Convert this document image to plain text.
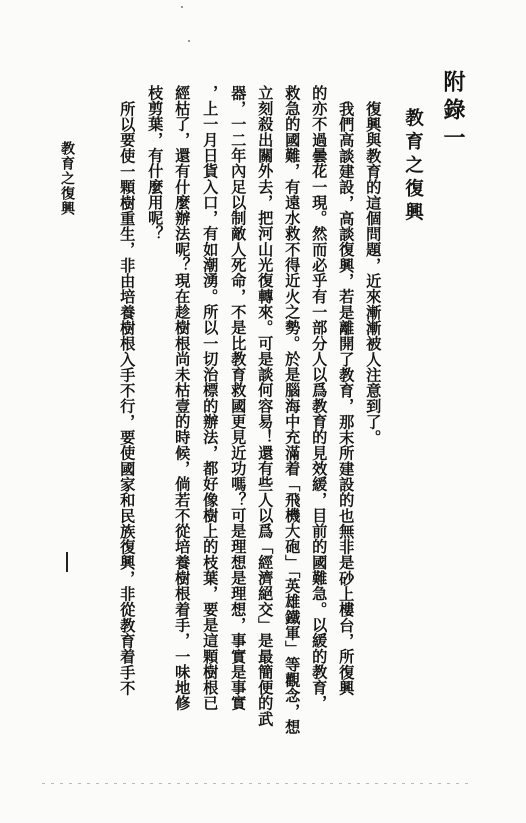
附錄一
教育之復興
復興與教育的這個問題，近來漸漸被人注意到了。
我們高談建設，高談復興，若是離開了教育，那末所建設的也無非是砂上樓台，所復興
的亦不過曇花一現。然而必乎有一部分人以爲教育的見效緩，目前的國難急。以緩的教育，
救急的國難，有遠水救不得近火之勢。於是腦海中充滿着「飛機大砲」「英雄鐵軍」等觀念，想
立刻殺出關外去，把河山光復轉來。可是談何容易！還有些人以爲「經濟絕交」是最簡便的武
器，一二年內足以制敵人死命，不是比教育救國更見近功嗎？可是理想是理想，事實是事實
，上一月日貨入口，有如潮湧。所以一切治標的辦法，都好像樹上的枝葉，要是這顆樹根已
經枯了，還有什麼辦法呢？現在趁樹根尚未枯壹的時候，倘若不從培養樹根着手，一味地修
枝剪葉，有什麼用呢？
所以要使一顆樹重生，非由培養樹根入手不行，要使國家和民族復興，非從教育着手不
教育之復興
